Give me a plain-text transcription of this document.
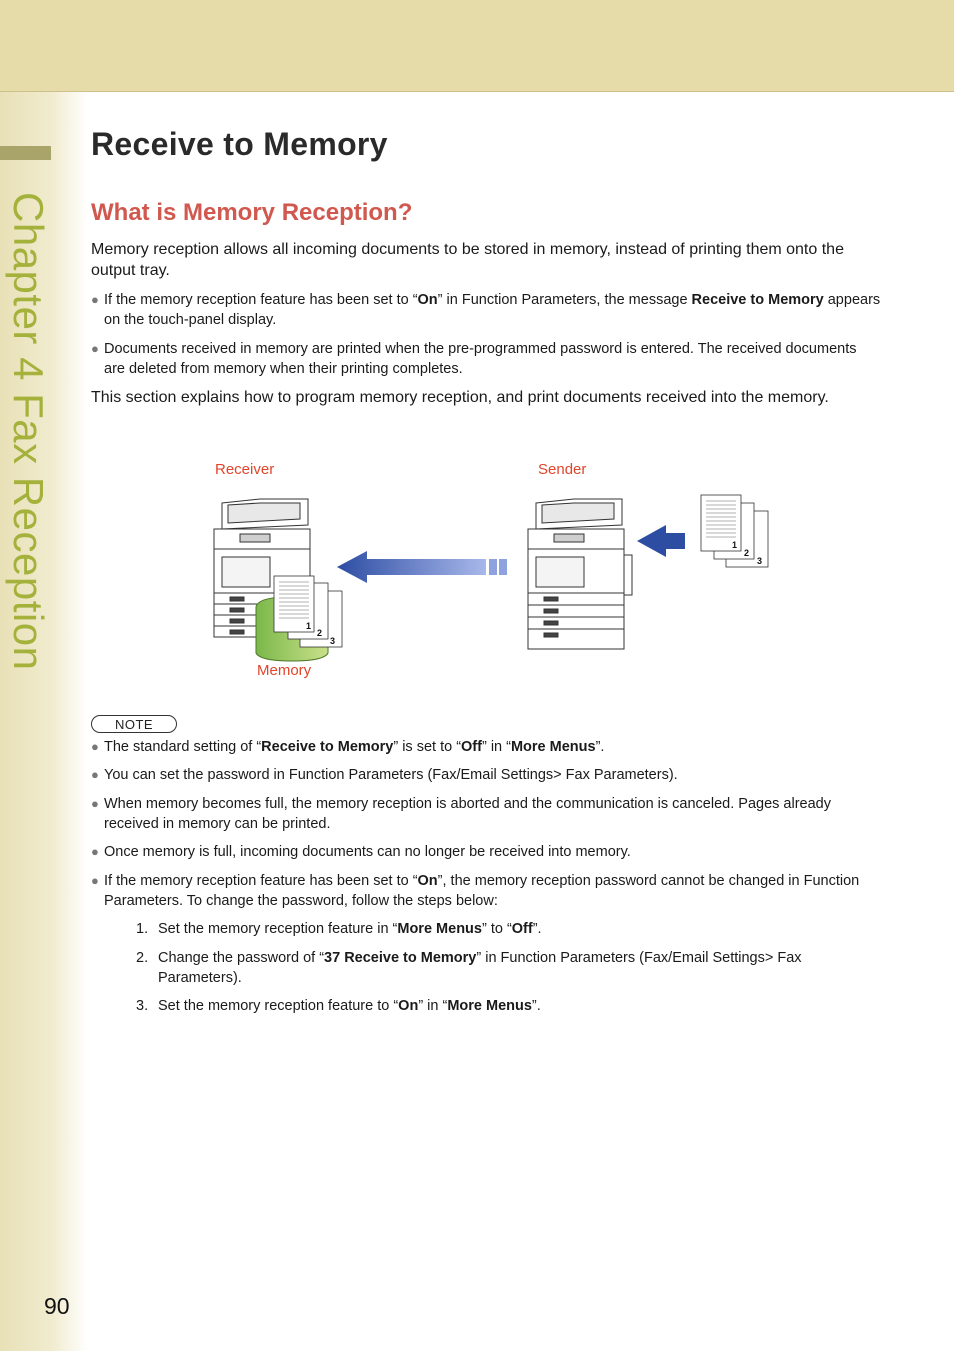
Chapter 4 Fax Reception
90
Receive to Memory
What is Memory Reception?

Memory reception allows all incoming documents to be stored in memory, instead of printing them onto the output tray.

● If the memory reception feature has been set to “On” in Function Parameters, the message Receive to Memory appears on the touch-panel display.
● Documents received in memory are printed when the pre-programmed password is entered. The received documents are deleted from memory when their printing completes.

This section explains how to program memory reception, and print documents received into the memory.

Receiver	Sender
Memory
1
2
3
1
2
3
NOTE
● The standard setting of “Receive to Memory” is set to “Off” in “More Menus”.
● You can set the password in Function Parameters (Fax/Email Settings> Fax Parameters).
● When memory becomes full, the memory reception is aborted and the communication is canceled. Pages already received in memory can be printed.
● Once memory is full, incoming documents can no longer be received into memory.
● If the memory reception feature has been set to “On”, the memory reception password cannot be changed in Function Parameters. To change the password, follow the steps below:
1. Set the memory reception feature in “More Menus” to “Off”.
2. Change the password of “37 Receive to Memory” in Function Parameters (Fax/Email Settings> Fax Parameters).
3. Set the memory reception feature to “On” in “More Menus”.
